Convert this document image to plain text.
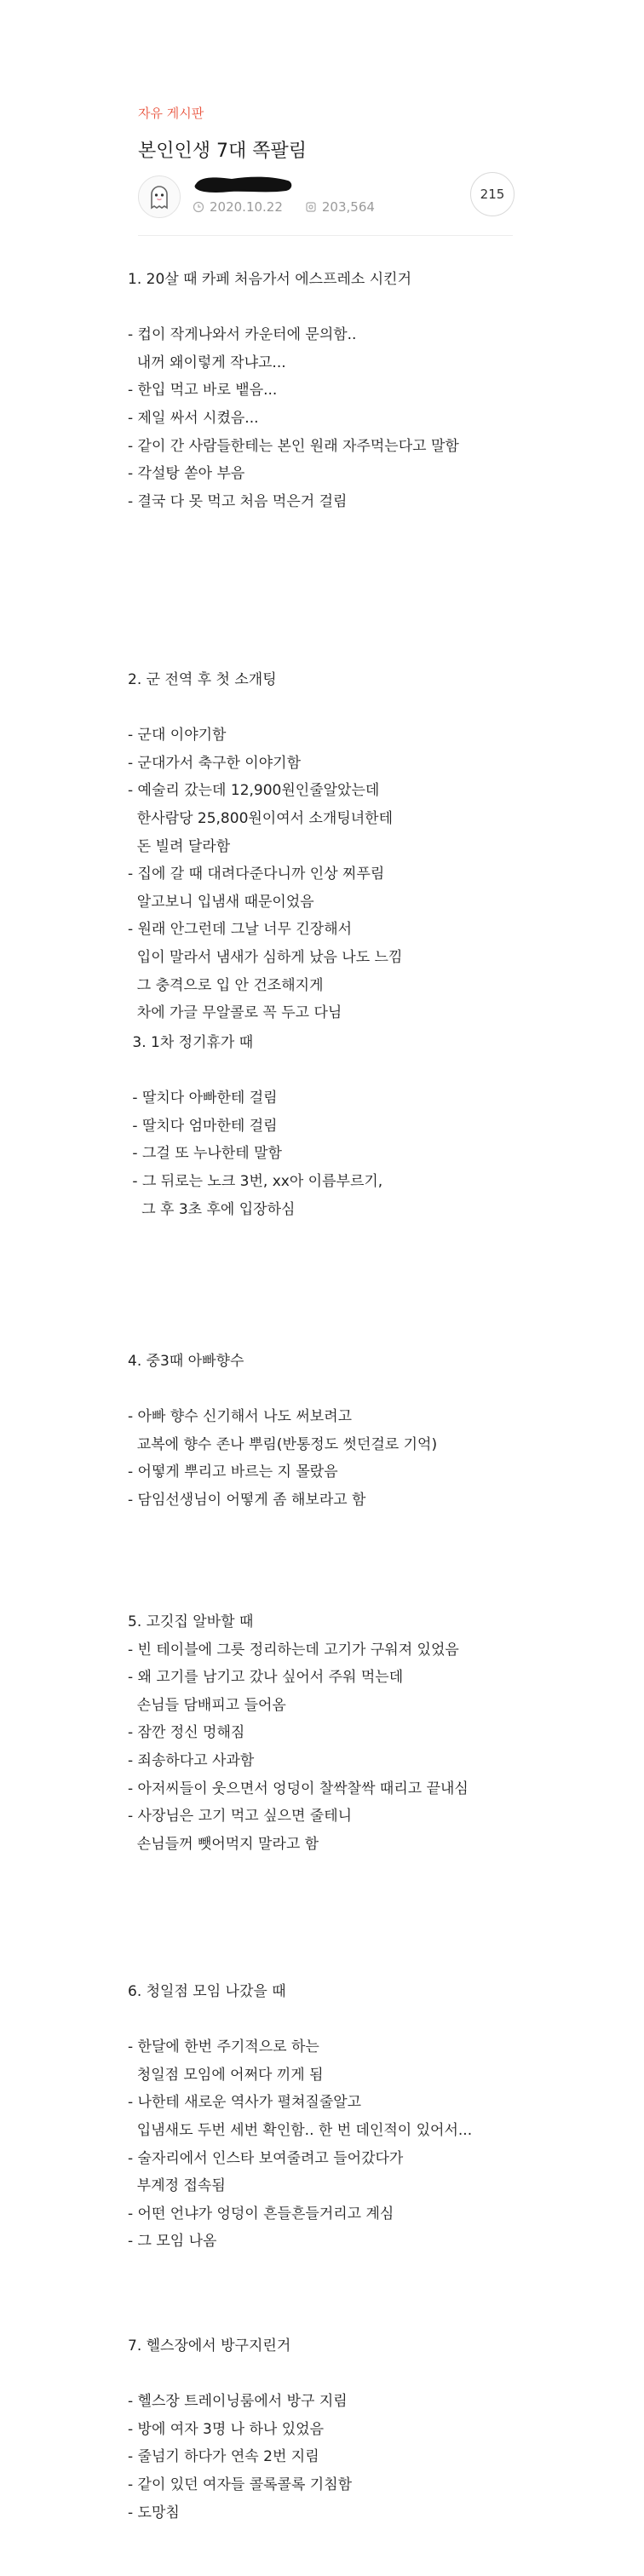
자유 게시판
본인인생 7대 쪽팔림
2020.10.22	203,564
215
1. 20살 때 카페 처음가서 에스프레소 시킨거
- 컵이 작게나와서 카운터에 문의함..
내꺼 왜이렇게 작냐고...
- 한입 먹고 바로 뱉음...
- 제일 싸서 시켰음...
- 같이 간 사람들한테는 본인 원래 자주먹는다고 말함
- 각설탕 쏟아 부음
- 결국 다 못 먹고 처음 먹은거 걸림
2. 군 전역 후 첫 소개팅
- 군대 이야기함
- 군대가서 축구한 이야기함
- 예술리 갔는데 12,900원인줄알았는데
한사람당 25,800원이여서 소개팅녀한테
돈 빌려 달라함
- 집에 갈 때 대려다준다니까 인상 찌푸림
알고보니 입냄새 때문이었음
- 원래 안그런데 그날 너무 긴장해서
입이 말라서 냄새가 심하게 났음 나도 느낌
그 충격으로 입 안 건조해지게
차에 가글 무알콜로 꼭 두고 다님
3. 1차 정기휴가 때
- 딸치다 아빠한테 걸림
- 딸치다 엄마한테 걸림
- 그걸 또 누나한테 말함
- 그 뒤로는 노크 3번, xx아 이름부르기,
그 후 3초 후에 입장하심
4. 중3때 아빠향수
- 아빠 향수 신기해서 나도 써보려고
교복에 향수 존나 뿌림(반통정도 썻던걸로 기억)
- 어떻게 뿌리고 바르는 지 몰랐음
- 담임선생님이 어떻게 좀 해보라고 함
5. 고깃집 알바할 때
- 빈 테이블에 그릇 정리하는데 고기가 구워져 있었음
- 왜 고기를 남기고 갔나 싶어서 주워 먹는데
손님들 담배피고 들어옴
- 잠깐 정신 멍해짐
- 죄송하다고 사과함
- 아저씨들이 웃으면서 엉덩이 찰싹찰싹 때리고 끝내심
- 사장님은 고기 먹고 싶으면 줄테니
손님들꺼 뺏어먹지 말라고 함
6. 청일점 모임 나갔을 때
- 한달에 한번 주기적으로 하는
청일점 모임에 어쩌다 끼게 됨
- 나한테 새로운 역사가 펼쳐질줄알고
입냄새도 두번 세번 확인함.. 한 번 데인적이 있어서...
- 술자리에서 인스타 보여줄려고 들어갔다가
부계정 접속됨
- 어떤 언냐가 엉덩이 흔들흔들거리고 계심
- 그 모임 나옴
7. 헬스장에서 방구지린거
- 헬스장 트레이닝룸에서 방구 지림
- 방에 여자 3명 나 하나 있었음
- 줄넘기 하다가 연속 2번 지림
- 같이 있던 여자들 콜록콜록 기침함
- 도망침
